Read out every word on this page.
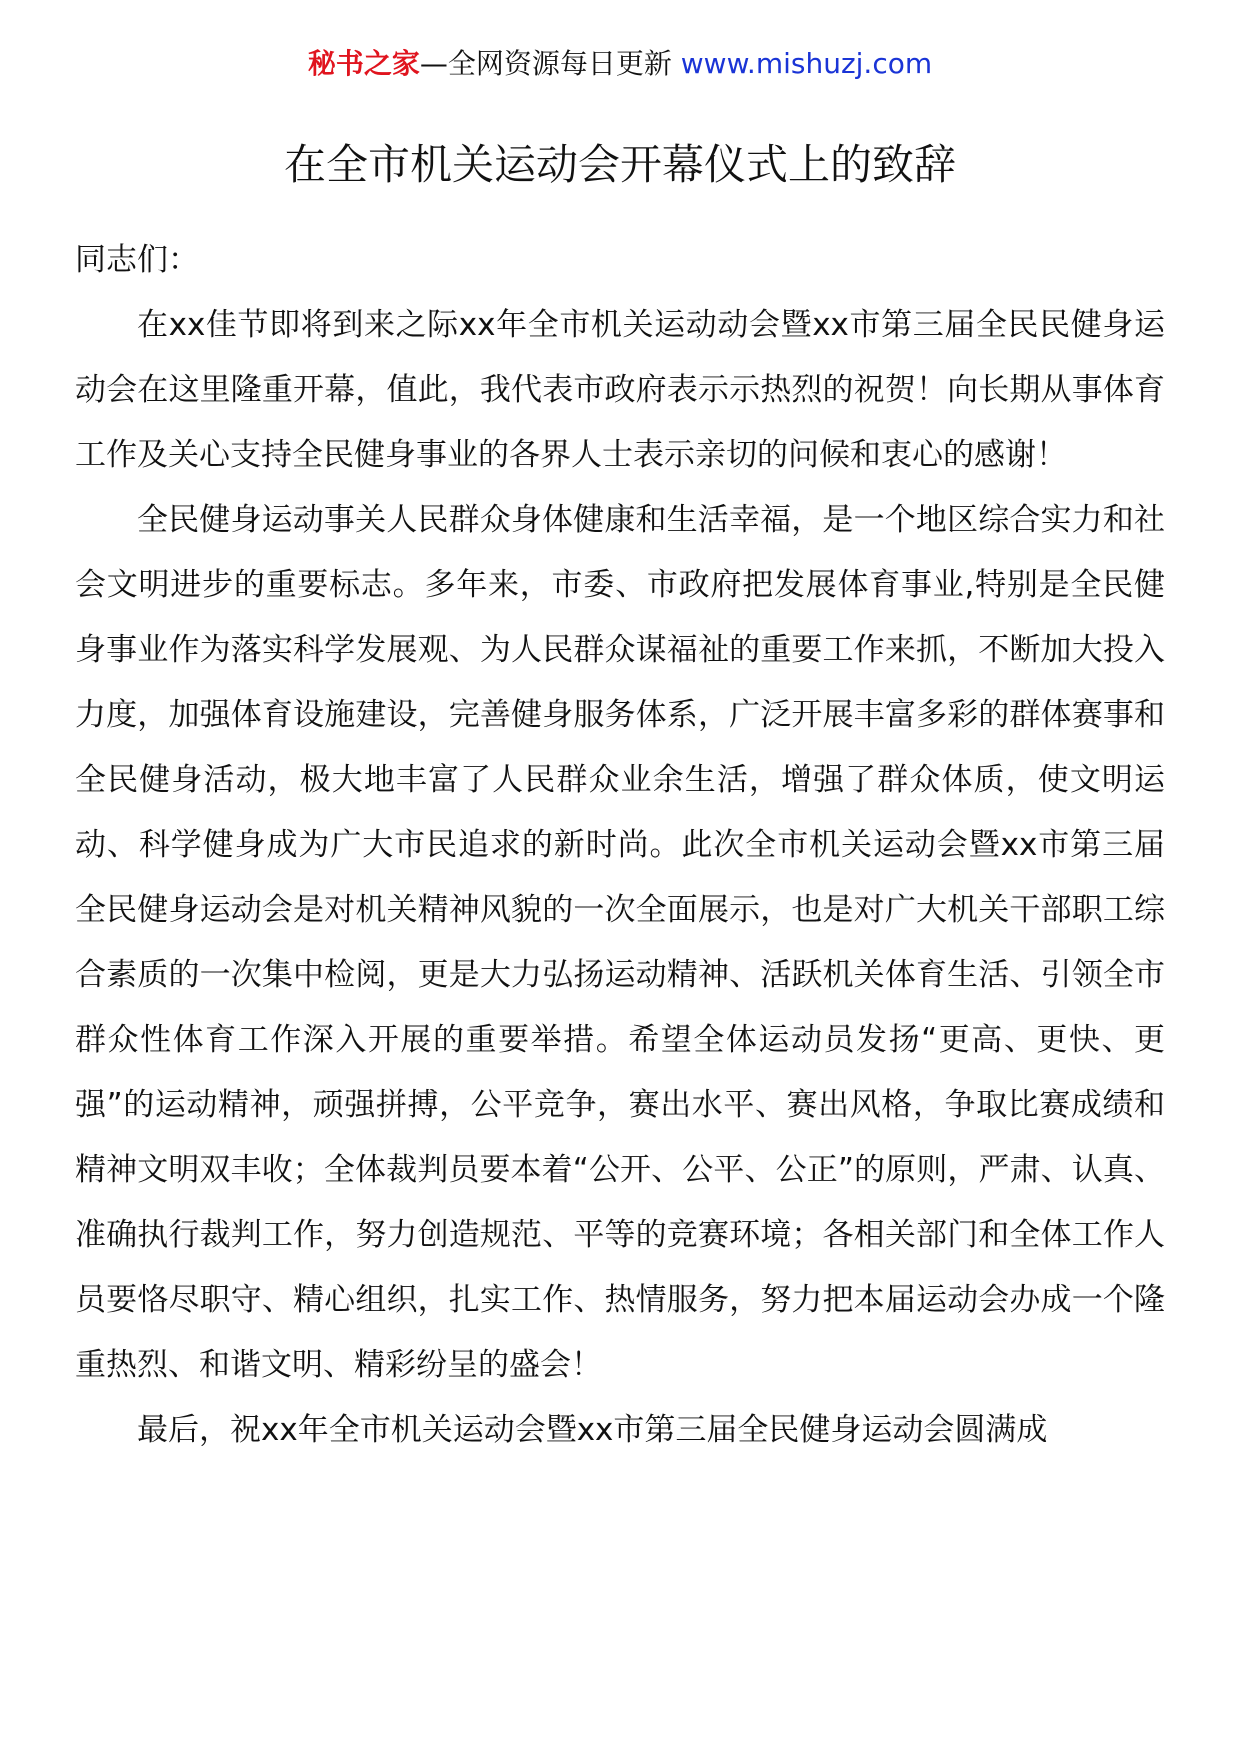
秘书之家—全网资源每日更新 www.mishuzj.com
在全市机关运动会开幕仪式上的致辞

同志们：

在xx佳节即将到来之际xx年全市机关运动动会暨xx市第三届全民民健身运动会在这里隆重开幕，值此，我代表市政府表示示热烈的祝贺！向长期从事体育工作及关心支持全民健身事业的各界人士表示亲切的问候和衷心的感谢！

全民健身运动事关人民群众身体健康和生活幸福，是一个地区综合实力和社会文明进步的重要标志。多年来，市委、市政府把发展体育事业,特别是全民健身事业作为落实科学发展观、为人民群众谋福祉的重要工作来抓，不断加大投入力度，加强体育设施建设，完善健身服务体系，广泛开展丰富多彩的群体赛事和全民健身活动，极大地丰富了人民群众业余生活，增强了群众体质，使文明运动、科学健身成为广大市民追求的新时尚。此次全市机关运动会暨xx市第三届全民健身运动会是对机关精神风貌的一次全面展示，也是对广大机关干部职工综合素质的一次集中检阅，更是大力弘扬运动精神、活跃机关体育生活、引领全市群众性体育工作深入开展的重要举措。希望全体运动员发扬“更高、更快、更强”的运动精神，顽强拼搏，公平竞争，赛出水平、赛出风格，争取比赛成绩和精神文明双丰收；全体裁判员要本着“公开、公平、公正”的原则，严肃、认真、准确执行裁判工作，努力创造规范、平等的竞赛环境；各相关部门和全体工作人员要恪尽职守、精心组织，扎实工作、热情服务，努力把本届运动会办成一个隆重热烈、和谐文明、精彩纷呈的盛会！

最后，祝xx年全市机关运动会暨xx市第三届全民健身运动会圆满成
